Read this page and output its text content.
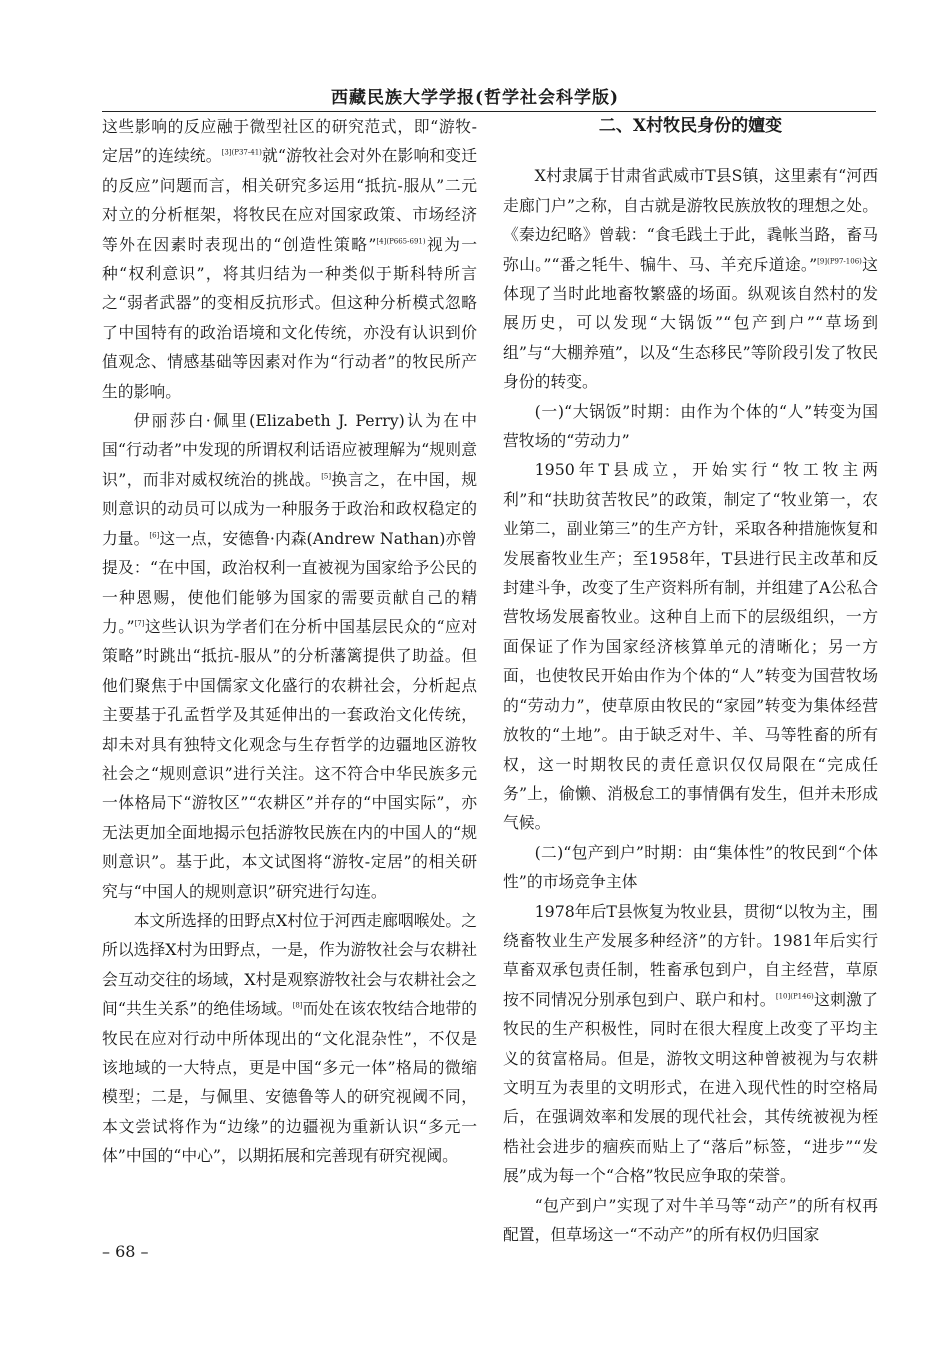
西藏民族大学学报(哲学社会科学版)

这些影响的反应融于微型社区的研究范式，即“游牧-定居”的连续统。$^{[3](P37-41)}$就“游牧社会对外在影响和变迁的反应”问题而言，相关研究多运用“抵抗-服从”二元对立的分析框架，将牧民在应对国家政策、市场经济等外在因素时表现出的“创造性策略”$^{[4](P665-691)}$视为一种“权利意识”，将其归结为一种类似于斯科特所言之“弱者武器”的变相反抗形式。但这种分析模式忽略了中国特有的政治语境和文化传统，亦没有认识到价值观念、情感基础等因素对作为“行动者”的牧民所产生的影响。

伊丽莎白·佩里(Elizabeth J. Perry)认为在中国“行动者”中发现的所谓权利话语应被理解为“规则意识”，而非对威权统治的挑战。[5]换言之，在中国，规则意识的动员可以成为一种服务于政治和政权稳定的力量。[6]这一点，安德鲁·内森(Andrew Nathan)亦曾提及：“在中国，政治权利一直被视为国家给予公民的一种恩赐，使他们能够为国家的需要贡献自己的精力。”[7]这些认识为学者们在分析中国基层民众的“应对策略”时跳出“抵抗-服从”的分析藩篱提供了助益。但他们聚焦于中国儒家文化盛行的农耕社会，分析起点主要基于孔孟哲学及其延伸出的一套政治文化传统，却未对具有独特文化观念与生存哲学的边疆地区游牧社会之“规则意识”进行关注。这不符合中华民族多元一体格局下“游牧区”“农耕区”并存的“中国实际”，亦无法更加全面地揭示包括游牧民族在内的中国人的“规则意识”。基于此，本文试图将“游牧-定居”的相关研究与“中国人的规则意识”研究进行勾连。

本文所选择的田野点X村位于河西走廊咽喉处。之所以选择X村为田野点，一是，作为游牧社会与农耕社会互动交往的场域，X村是观察游牧社会与农耕社会之间“共生关系”的绝佳场域。[8]而处在该农牧结合地带的牧民在应对行动中所体现出的“文化混杂性”，不仅是该地域的一大特点，更是中国“多元一体”格局的微缩模型；二是，与佩里、安德鲁等人的研究视阈不同，本文尝试将作为“边缘”的边疆视为重新认识“多元一体”中国的“中心”，以期拓展和完善现有研究视阈。

二、X村牧民身份的嬗变

X村隶属于甘肃省武威市T县S镇，这里素有“河西走廊门户”之称，自古就是游牧民族放牧的理想之处。《秦边纪略》曾载：“食毛践土于此，毳帐当路，畜马弥山。”“番之牦牛、犏牛、马、羊充斥道途。”$^{[9](P97-106)}$这体现了当时此地畜牧繁盛的场面。纵观该自然村的发展历史，可以发现“大锅饭”“包产到户”“草场到组”与“大棚养殖”，以及“生态移民”等阶段引发了牧民身份的转变。

(一)“大锅饭”时期：由作为个体的“人”转变为国营牧场的“劳动力”

1950年T县成立，开始实行“牧工牧主两利”和“扶助贫苦牧民”的政策，制定了“牧业第一，农业第二，副业第三”的生产方针，采取各种措施恢复和发展畜牧业生产；至1958年，T县进行民主改革和反封建斗争，改变了生产资料所有制，并组建了A公私合营牧场发展畜牧业。这种自上而下的层级组织，一方面保证了作为国家经济核算单元的清晰化；另一方面，也使牧民开始由作为个体的“人”转变为国营牧场的“劳动力”，使草原由牧民的“家园”转变为集体经营放牧的“土地”。由于缺乏对牛、羊、马等牲畜的所有权，这一时期牧民的责任意识仅仅局限在“完成任务”上，偷懒、消极怠工的事情偶有发生，但并未形成气候。

(二)“包产到户”时期：由“集体性”的牧民到“个体性”的市场竞争主体

1978年后T县恢复为牧业县，贯彻“以牧为主，围绕畜牧业生产发展多种经济”的方针。1981年后实行草畜双承包责任制，牲畜承包到户，自主经营，草原按不同情况分别承包到户、联户和村。$^{[10](P146)}$这刺激了牧民的生产积极性，同时在很大程度上改变了平均主义的贫富格局。但是，游牧文明这种曾被视为与农耕文明互为表里的文明形式，在进入现代性的时空格局后，在强调效率和发展的现代社会，其传统被视为桎梏社会进步的痼疾而贴上了“落后”标签，“进步”“发展”成为每一个“合格”牧民应争取的荣誉。

“包产到户”实现了对牛羊马等“动产”的所有权再配置，但草场这一“不动产”的所有权仍归国家

– 68 –
